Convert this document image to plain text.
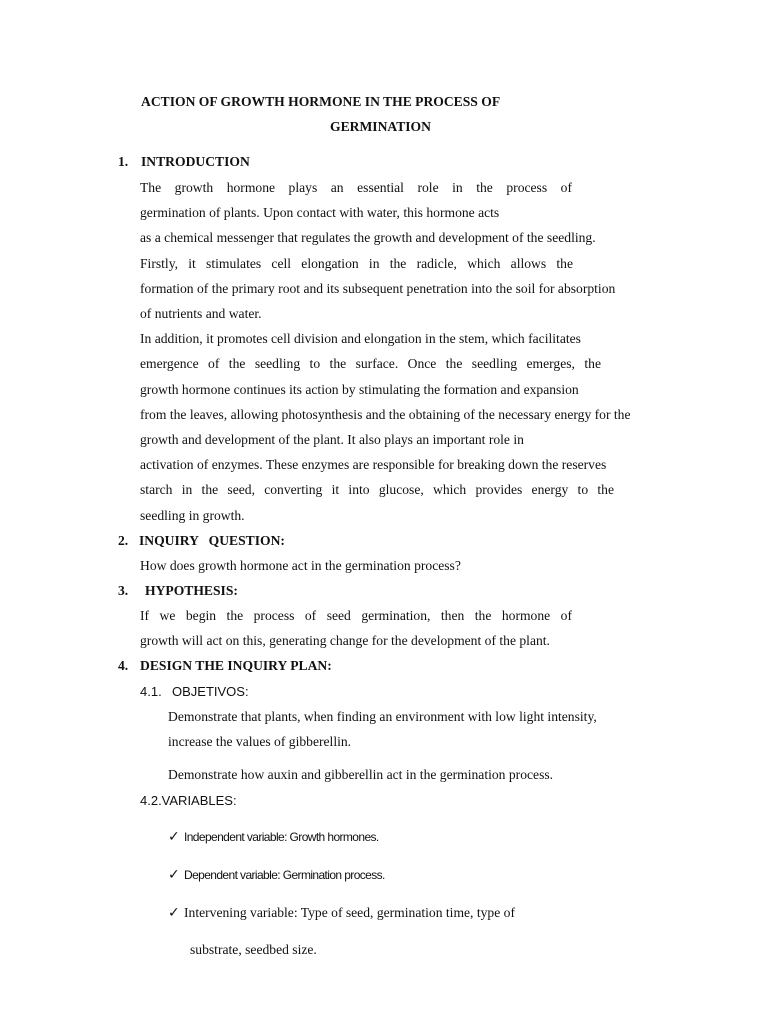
ACTION OF GROWTH HORMONE IN THE PROCESS OF
GERMINATION
1. INTRODUCTION
The growth hormone plays an essential role in the process of
germination of plants. Upon contact with water, this hormone acts
as a chemical messenger that regulates the growth and development of the seedling.
Firstly, it stimulates cell elongation in the radicle, which allows the
formation of the primary root and its subsequent penetration into the soil for absorption
of nutrients and water.
In addition, it promotes cell division and elongation in the stem, which facilitates
emergence of the seedling to the surface. Once the seedling emerges, the
growth hormone continues its action by stimulating the formation and expansion
from the leaves, allowing photosynthesis and the obtaining of the necessary energy for the
growth and development of the plant. It also plays an important role in
activation of enzymes. These enzymes are responsible for breaking down the reserves
starch in the seed, converting it into glucose, which provides energy to the
seedling in growth.
2. INQUIRY   QUESTION:
How does growth hormone act in the germination process?
3. HYPOTHESIS:
If we begin the process of seed germination, then the hormone of
growth will act on this, generating change for the development of the plant.
4. DESIGN THE INQUIRY PLAN:
4.1. OBJETIVOS:
Demonstrate that plants, when finding an environment with low light intensity,
increase the values of gibberellin.
Demonstrate how auxin and gibberellin act in the germination process.
4.2.VARIABLES:
✓ Independent variable: Growth hormones.
✓ Dependent variable: Germination process.
✓ Intervening variable: Type of seed, germination time, type of
substrate, seedbed size.
